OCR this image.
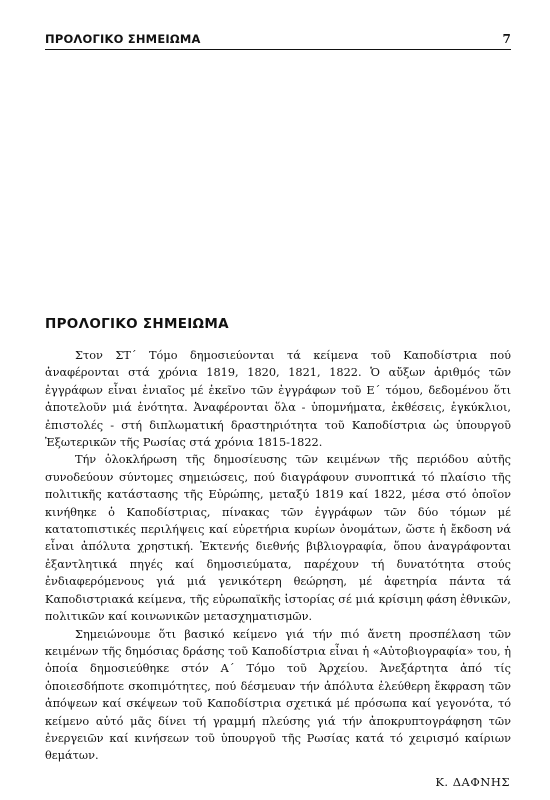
ΠΡΟΛΟΓΙΚΟ ΣΗΜΕΙΩΜΑ	7
ΠΡΟΛΟΓΙΚΟ ΣΗΜΕΙΩΜΑ

Στον ΣΤ΄ Τόμο δημοσιεύονται τά κείμενα τοῦ Καποδίστρια πού ἀναφέρονται στά χρόνια 1819, 1820, 1821, 1822. Ὁ αὔξων ἀριθμός τῶν ἐγγράφων εἶναι ἑνιαῖος μέ ἐκεῖνο τῶν ἐγγράφων τοῦ Ε΄ τόμου, δεδομένου ὅτι ἀποτελοῦν μιά ἑνότητα. Ἀναφέρονται ὅλα - ὑπομνήματα, ἐκθέσεις, ἐγκύκλιοι, ἐπιστολές - στή διπλωματική δραστηριότητα τοῦ Καποδίστρια ὡς ὑπουργοῦ Ἐξωτερικῶν τῆς Ρωσίας στά χρόνια 1815-1822.

Τήν ὁλοκλήρωση τῆς δημοσίευσης τῶν κειμένων τῆς περιόδου αὐτῆς συνοδεύουν σύντομες σημειώσεις, πού διαγράφουν συνοπτικά τό πλαίσιο τῆς πολιτικῆς κατάστασης τῆς Εὐρώπης, μεταξύ 1819 καί 1822, μέσα στό ὁποῖον κινήθηκε ὁ Καποδίστριας, πίνακας τῶν ἐγγράφων τῶν δύο τόμων μέ κατατοπιστικές περιλήψεις καί εὑρετήρια κυρίων ὀνομάτων, ὥστε ἡ ἔκδοση νά εἶναι ἀπόλυτα χρηστική. Ἐκτενής διεθνής βιβλιογραφία, ὅπου ἀναγράφονται ἐξαντλητικά πηγές καί δημοσιεύματα, παρέχουν τή δυνατότητα στούς ἐνδιαφερόμενους γιά μιά γενικότερη θεώρηση, μέ ἀφετηρία πάντα τά Καποδιστριακά κείμενα, τῆς εὐρωπαϊκῆς ἱστορίας σέ μιά κρίσιμη φάση ἐθνικῶν, πολιτικῶν καί κοινωνικῶν μετασχηματισμῶν.

Σημειώνουμε ὅτι βασικό κείμενο γιά τήν πιό ἄνετη προσπέλαση τῶν κειμένων τῆς δημόσιας δράσης τοῦ Καποδίστρια εἶναι ἡ «Αὐτοβιογραφία» του, ἡ ὁποία δημοσιεύθηκε στόν Α΄ Τόμο τοῦ Ἀρχείου. Ἀνεξάρτητα ἀπό τίς ὁποιεσδήποτε σκοπιμότητες, πού δέσμευαν τήν ἀπόλυτα ἐλεύθερη ἔκφραση τῶν ἀπόψεων καί σκέψεων τοῦ Καποδίστρια σχετικά μέ πρόσωπα καί γεγονότα, τό κείμενο αὐτό μᾶς δίνει τή γραμμή πλεύσης γιά τήν ἀποκρυπτογράφηση τῶν ἐνεργειῶν καί κινήσεων τοῦ ὑπουργοῦ τῆς Ρωσίας κατά τό χειρισμό καίριων θεμάτων.

Κ. ΔΑΦΝΗΣ
